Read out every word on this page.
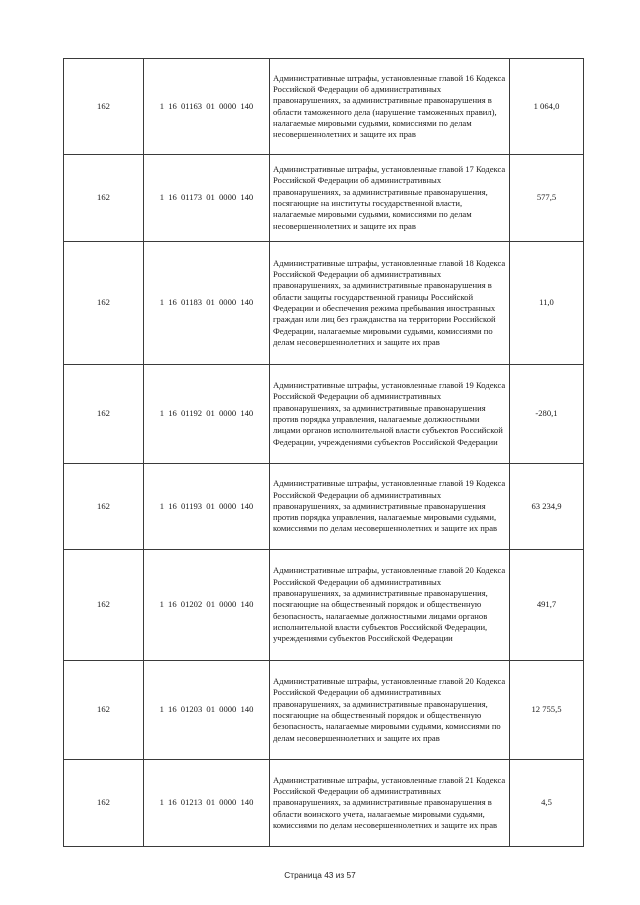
162	1 16 01163 01 0000 140	Административные штрафы, установленные главой 16 Кодекса Российской Федерации об административных правонарушениях, за административные правонарушения в области таможенного дела (нарушение таможенных правил), налагаемые мировыми судьями, комиссиями по делам несовершеннолетних и защите их прав	1 064,0
162	1 16 01173 01 0000 140	Административные штрафы, установленные главой 17 Кодекса Российской Федерации об административных правонарушениях, за административные правонарушения, посягающие на институты государственной власти, налагаемые мировыми судьями, комиссиями по делам несовершеннолетних и защите их прав	577,5
162	1 16 01183 01 0000 140	Административные штрафы, установленные главой 18 Кодекса Российской Федерации об административных правонарушениях, за административные правонарушения в области защиты государственной границы Российской Федерации и обеспечения режима пребывания иностранных граждан или лиц без гражданства на территории Российской Федерации, налагаемые мировыми судьями, комиссиями по делам несовершеннолетних и защите их прав	11,0
162	1 16 01192 01 0000 140	Административные штрафы, установленные главой 19 Кодекса Российской Федерации об административных правонарушениях, за административные правонарушения против порядка управления, налагаемые должностными лицами органов исполнительной власти субъектов Российской Федерации, учреждениями субъектов Российской Федерации	-280,1
162	1 16 01193 01 0000 140	Административные штрафы, установленные главой 19 Кодекса Российской Федерации об административных правонарушениях, за административные правонарушения против порядка управления, налагаемые мировыми судьями, комиссиями по делам несовершеннолетних и защите их прав	63 234,9
162	1 16 01202 01 0000 140	Административные штрафы, установленные главой 20 Кодекса Российской Федерации об административных правонарушениях, за административные правонарушения, посягающие на общественный порядок и общественную безопасность, налагаемые должностными лицами органов исполнительной власти субъектов Российской Федерации, учреждениями субъектов Российской Федерации	491,7
162	1 16 01203 01 0000 140	Административные штрафы, установленные главой 20 Кодекса Российской Федерации об административных правонарушениях, за административные правонарушения, посягающие на общественный порядок и общественную безопасность, налагаемые мировыми судьями, комиссиями по делам несовершеннолетних и защите их прав	12 755,5
162	1 16 01213 01 0000 140	Административные штрафы, установленные главой 21 Кодекса Российской Федерации об административных правонарушениях, за административные правонарушения в области воинского учета, налагаемые мировыми судьями, комиссиями по делам несовершеннолетних и защите их прав	4,5
Страница 43 из 57
